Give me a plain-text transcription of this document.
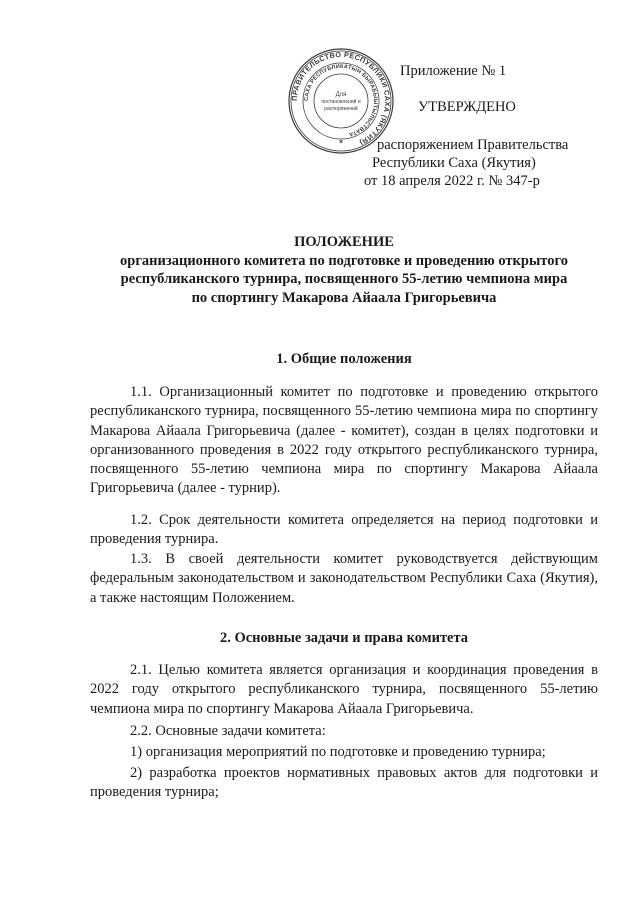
ПРАВИТЕЛЬСТВО РЕСПУБЛИКИ САХА (ЯКУТИЯ)
САХА РЕСПУБЛИКАТЫН БЫРАБЫЫТЫЛЬСТВАТА
Для
постановлений и
распоряжений
✶
Приложение № 1
УТВЕРЖДЕНО
распоряжением Правительства
Республики Саха (Якутия)
от 18 апреля 2022 г. № 347-р
ПОЛОЖЕНИЕ
организационного комитета по подготовке и проведению открытого
республиканского турнира, посвященного 55-летию чемпиона мира
по спортингу Макарова Айаала Григорьевича
1. Общие положения
1.1. Организационный комитет по подготовке и проведению открытого республиканского турнира, посвященного 55-летию чемпиона мира по спортингу Макарова Айаала Григорьевича (далее - комитет), создан в целях подготовки и организованного проведения в 2022 году открытого республиканского турнира, посвященного 55-летию чемпиона мира по спортингу Макарова Айаала Григорьевича (далее - турнир).
1.2. Срок деятельности комитета определяется на период подготовки и проведения турнира.
1.3. В своей деятельности комитет руководствуется действующим федеральным законодательством и законодательством Республики Саха (Якутия), а также настоящим Положением.
2. Основные задачи и права комитета
2.1. Целью комитета является организация и координация проведения в 2022 году открытого республиканского турнира, посвященного 55-летию чемпиона мира по спортингу Макарова Айаала Григорьевича.
2.2. Основные задачи комитета:
1) организация мероприятий по подготовке и проведению турнира;
2) разработка проектов нормативных правовых актов для подготовки и проведения турнира;
